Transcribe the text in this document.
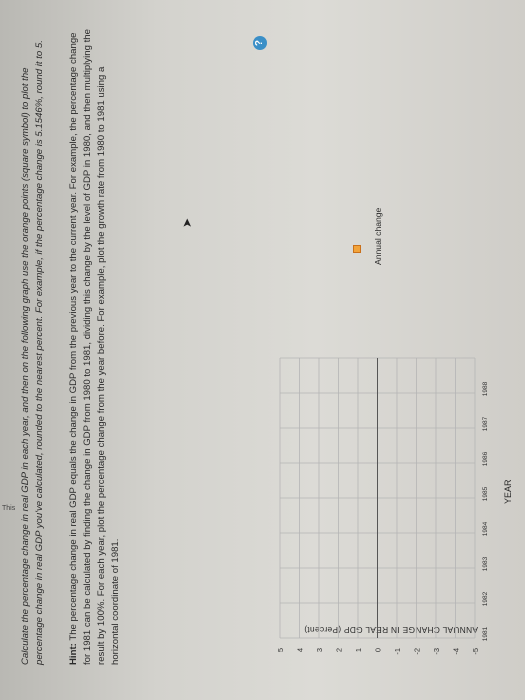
Calculate the percentage change in real GDP in each year, and then on the following graph use the orange points (square symbol) to plot the percentage change in real GDP you've calculated, rounded to the nearest percent. For example, if the percentage change is 5.1546%, round it to 5. Hint: The percentage change in real GDP equals the change in GDP from the previous year to the current year. For example, the percentage change for 1981 can be calculated by finding the change in GDP from 1980 to 1981, dividing this change by the level of GDP in 1980, and then multiplying the result by 100%. For each year, plot the percentage change from the year before. For example, plot the growth rate from 1980 to 1981 using a horizontal coordinate of 1981.
?
➤
ANNUAL CHANGE IN REAL GDP (Percent)
5 4 3 2 1 0 -1 -2 -3 -4 -5
1981
1982
1983
1984
1985
1986
1987
1988
YEAR
Annual change
This
